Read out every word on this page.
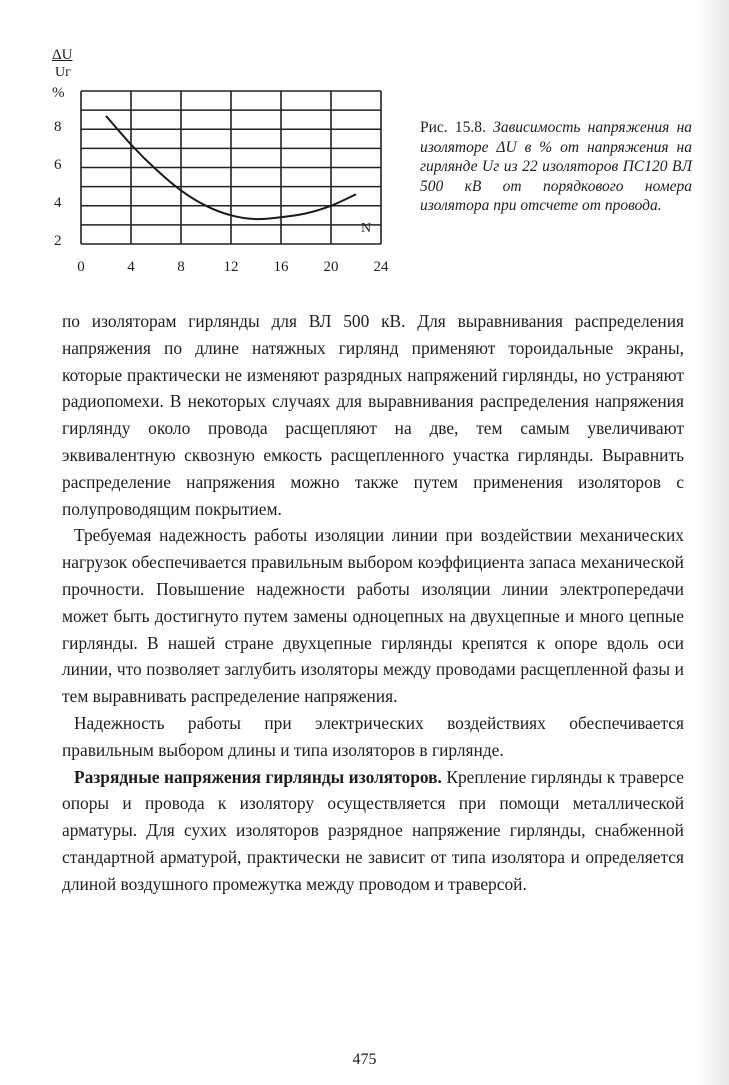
ΔU
Uг
%
8
6
4
2
0	4	8	12	16	20	24
N
Рис. 15.8. Зависимость напряжения на изоляторе ΔU в % от напряжения на гирлянде Uг из 22 изоляторов ПС120 ВЛ 500 кВ от порядкового номера изолятора при отсчете от провода.

по изоляторам гирлянды для ВЛ 500 кВ. Для выравнивания распределения напряжения по длине натяжных гирлянд применяют тороидальные экраны, которые практически не изменяют разрядных напряжений гирлянды, но устраняют радиопомехи. В некоторых случаях для выравнивания распределения напряжения гирлянду около провода расщепляют на две, тем самым увеличивают эквивалентную сквозную емкость расщепленного участка гирлянды. Выравнить распределение напряжения можно также путем применения изоляторов с полупроводящим покрытием.

Требуемая надежность работы изоляции линии при воздействии механических нагрузок обеспечивается правильным выбором коэффициента запаса механической прочности. Повышение надежности работы изоляции линии электропередачи может быть достигнуто путем замены одноцепных на двухцепные и много цепные гирлянды. В нашей стране двухцепные гирлянды крепятся к опоре вдоль оси линии, что позволяет заглубить изоляторы между проводами расщепленной фазы и тем выравнивать распределение напряжения.

Надежность работы при электрических воздействиях обеспечивается правильным выбором длины и типа изоляторов в гирлянде.

Разрядные напряжения гирлянды изоляторов. Крепление гирлянды к траверсе опоры и провода к изолятору осуществляется при помощи металлической арматуры. Для сухих изоляторов разрядное напряжение гирлянды, снабженной стандартной арматурой, практически не зависит от типа изолятора и определяется длиной воздушного промежутка между проводом и траверсой.

475
